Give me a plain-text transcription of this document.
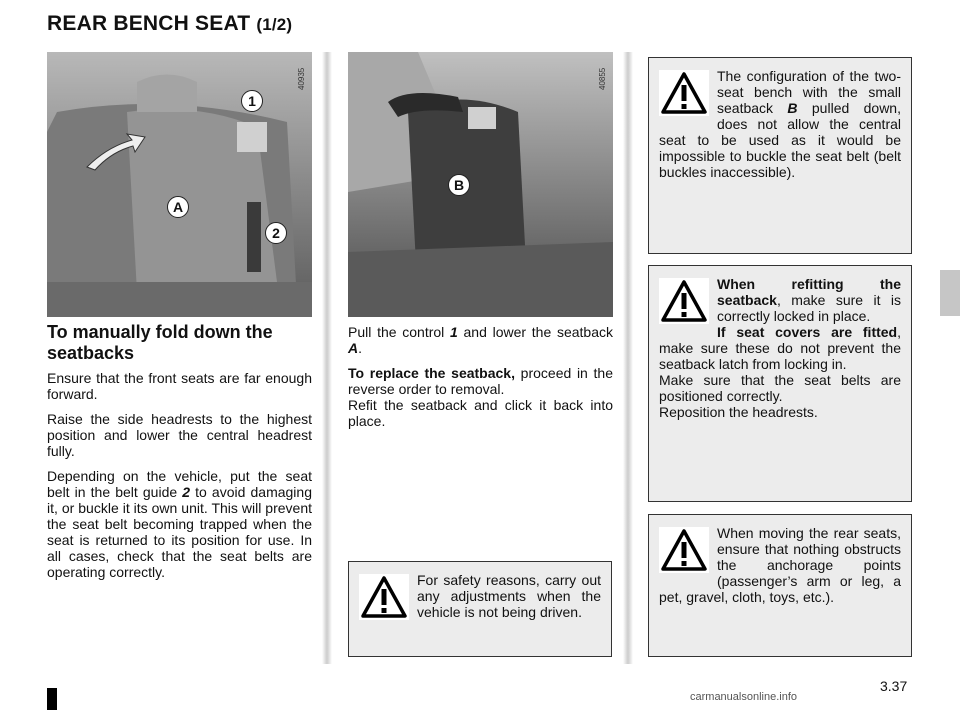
REAR BENCH SEAT (1/2)
1
2
A
40935
B
40855
To manually fold down the seatbacks

Ensure that the front seats are far enough forward.

Raise the side headrests to the highest position and lower the central headrest fully.

Depending on the vehicle, put the seat belt in the belt guide 2 to avoid damaging it, or buckle it its own unit. This will prevent the seat belt becoming trapped when the seat is returned to its position for use. In all cases, check that the seat belts are operating correctly.

Pull the control 1 and lower the seatback A.

To replace the seatback, proceed in the reverse order to removal.
Refit the seatback and click it back into place.

For safety reasons, carry out any adjustments when the vehicle is not being driven.
The configuration of the two-seat bench with the small seatback B pulled down, does not allow the central seat to be used as it would be impossible to buckle the seat belt (belt buckles inaccessible).

When refitting the seatback, make sure it is correctly locked in place.

If seat covers are fitted, make sure these do not prevent the seatback latch from locking in.

Make sure that the seat belts are positioned correctly.

Reposition the headrests.

When moving the rear seats, ensure that nothing obstructs the anchorage points (passenger’s arm or leg, a pet, gravel, cloth, toys, etc.).
3.37
carmanualsonline.info
